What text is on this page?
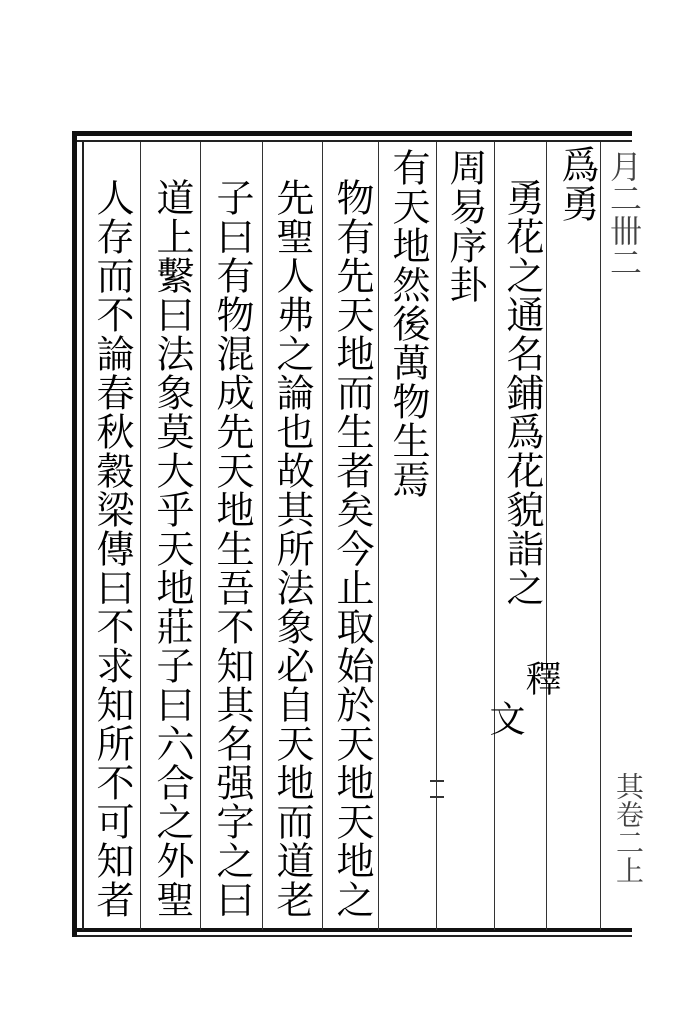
月二卌二
其卷二上
爲勇
勇花之通名鋪爲花貌詣之
釋
文
周易序卦
有天地然後萬物生焉
物有先天地而生者矣今止取始於天地天地之
先聖人弗之論也故其所法象必自天地而道老
子曰有物混成先天地生吾不知其名强字之曰
道上繫曰法象莫大乎天地莊子曰六合之外聖
人存而不論春秋穀梁傳曰不求知所不可知者
